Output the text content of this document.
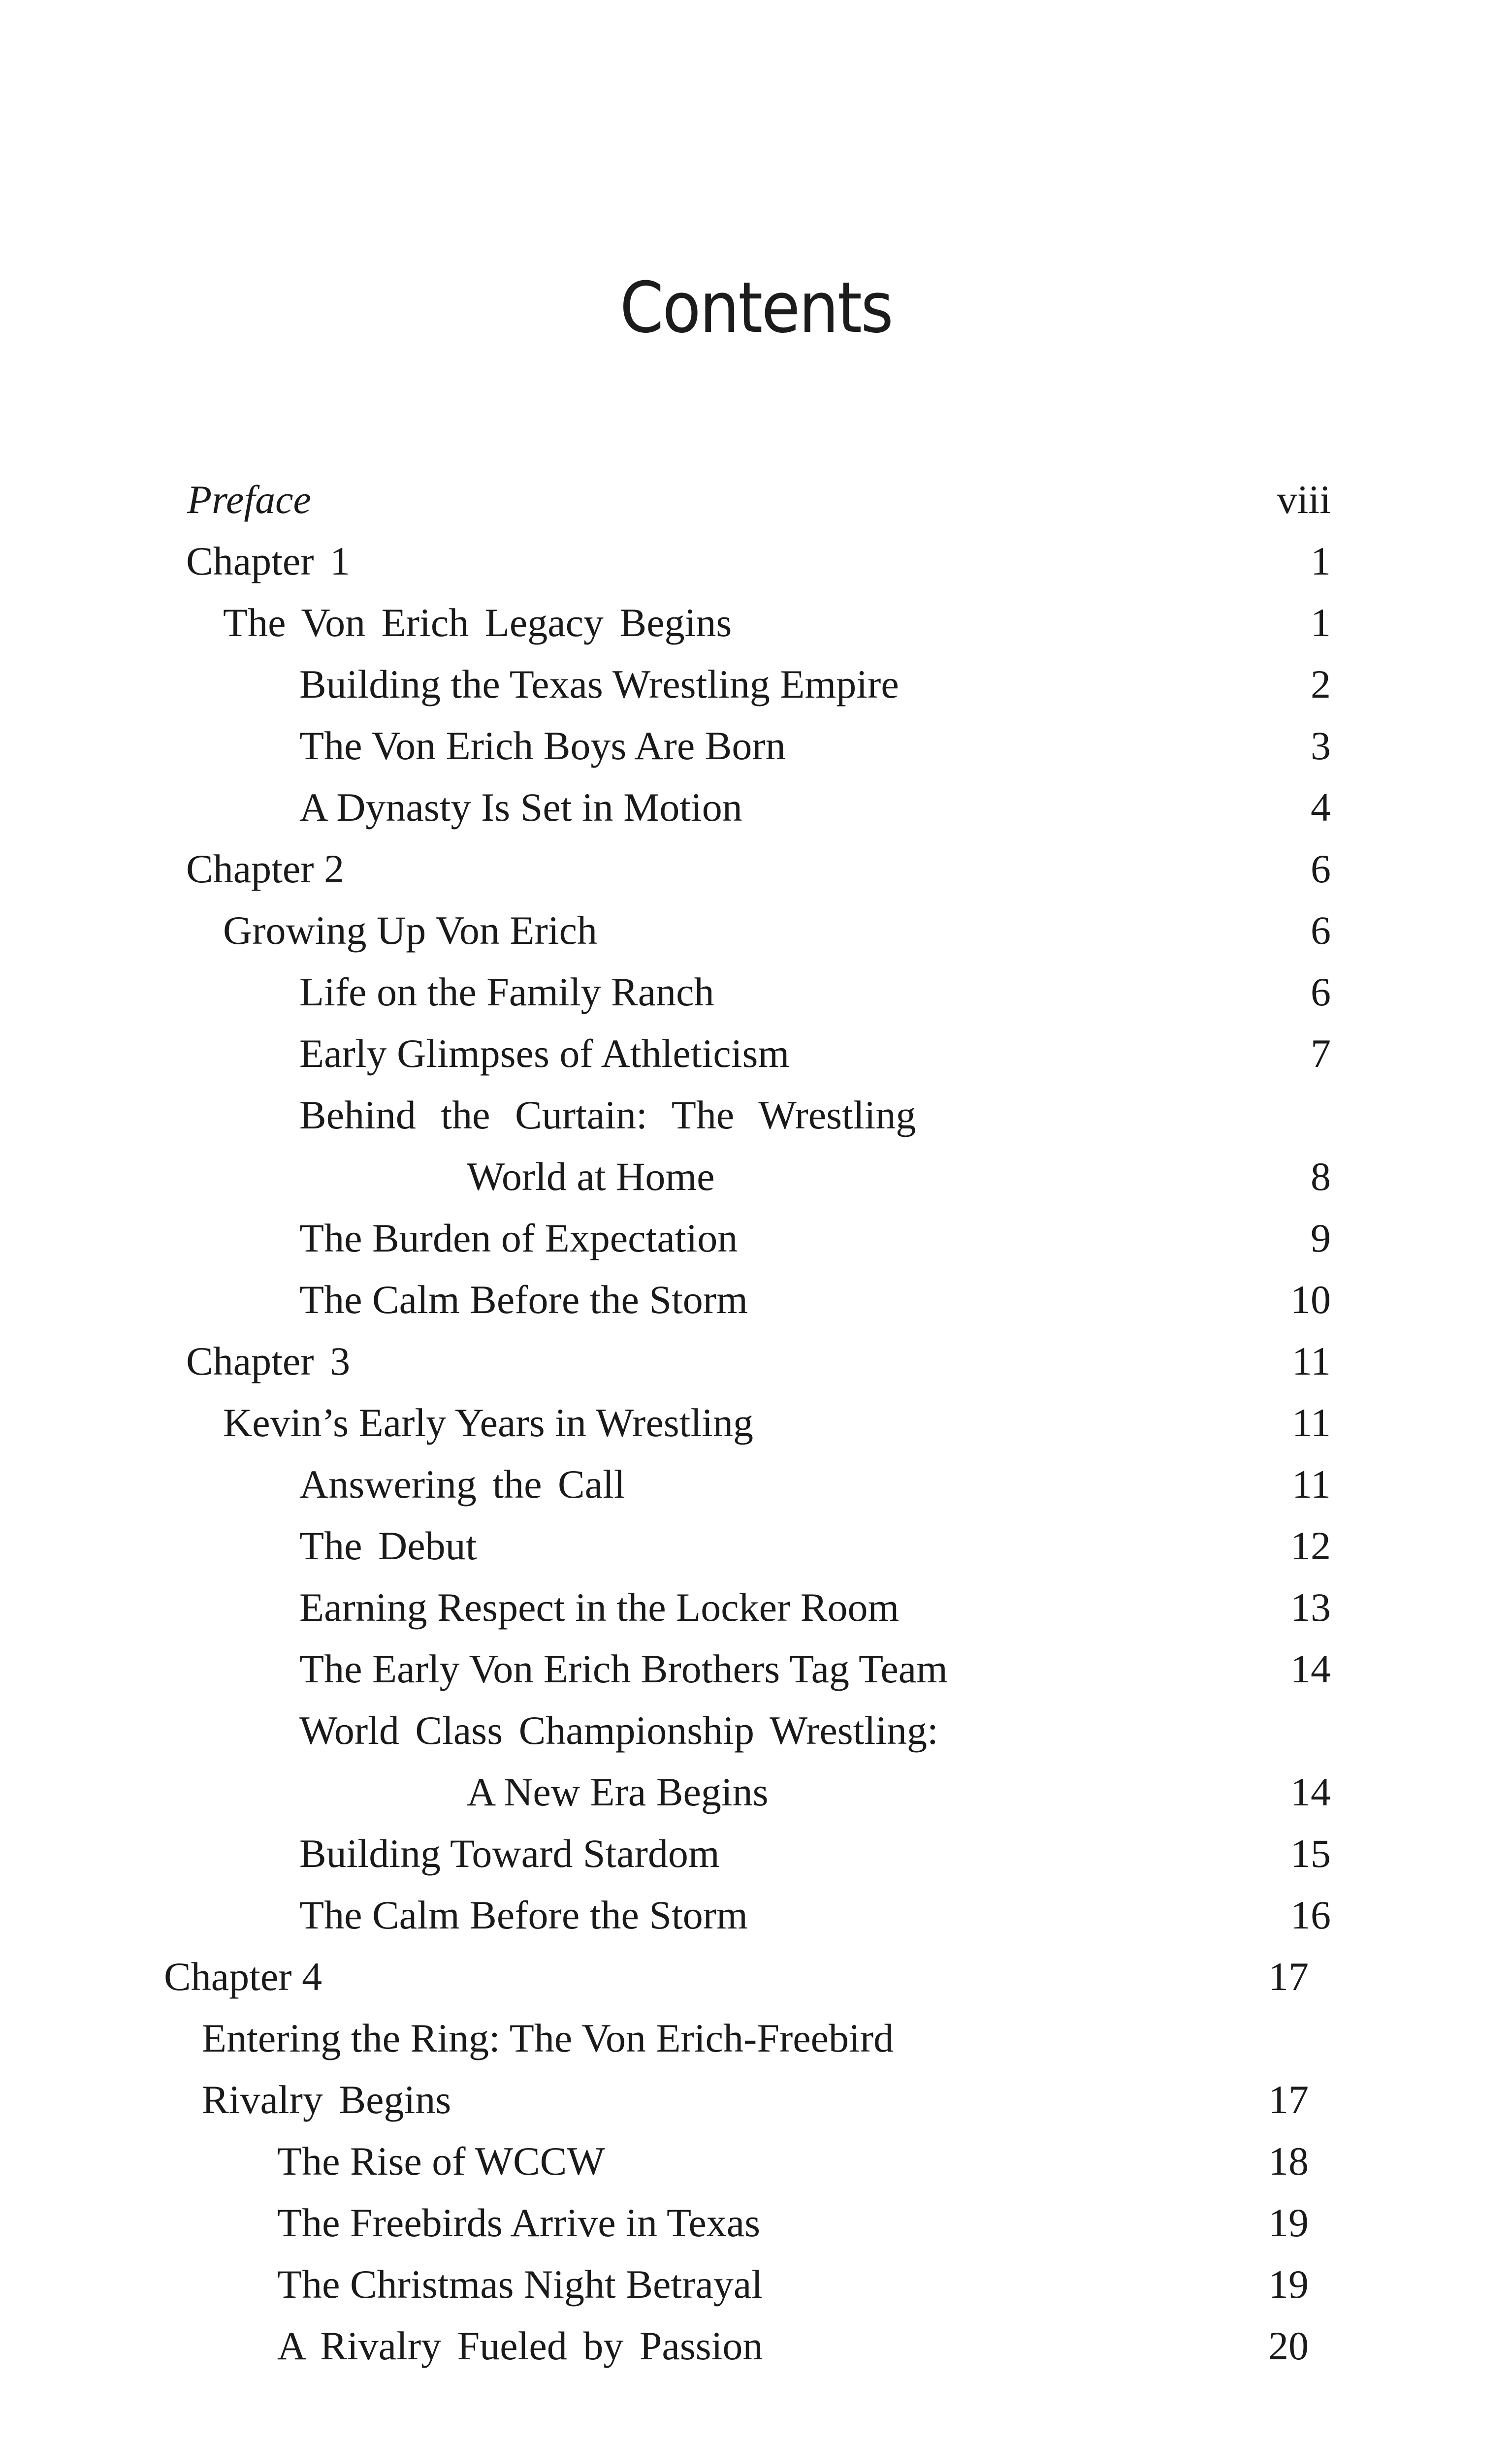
Contents
Preface	viii
Chapter 1	1
The Von Erich Legacy Begins	1
Building the Texas Wrestling Empire	2
The Von Erich Boys Are Born	3
A Dynasty Is Set in Motion	4
Chapter 2	6
Growing Up Von Erich	6
Life on the Family Ranch	6
Early Glimpses of Athleticism	7
Behind the Curtain: The Wrestling
World at Home	8
The Burden of Expectation	9
The Calm Before the Storm	10
Chapter 3	11
Kevin’s Early Years in Wrestling	11
Answering the Call	11
The Debut	12
Earning Respect in the Locker Room	13
The Early Von Erich Brothers Tag Team	14
World Class Championship Wrestling:
A New Era Begins	14
Building Toward Stardom	15
The Calm Before the Storm	16
Chapter 4	17
Entering the Ring: The Von Erich-Freebird
Rivalry Begins	17
The Rise of WCCW	18
The Freebirds Arrive in Texas	19
The Christmas Night Betrayal	19
A Rivalry Fueled by Passion	20
